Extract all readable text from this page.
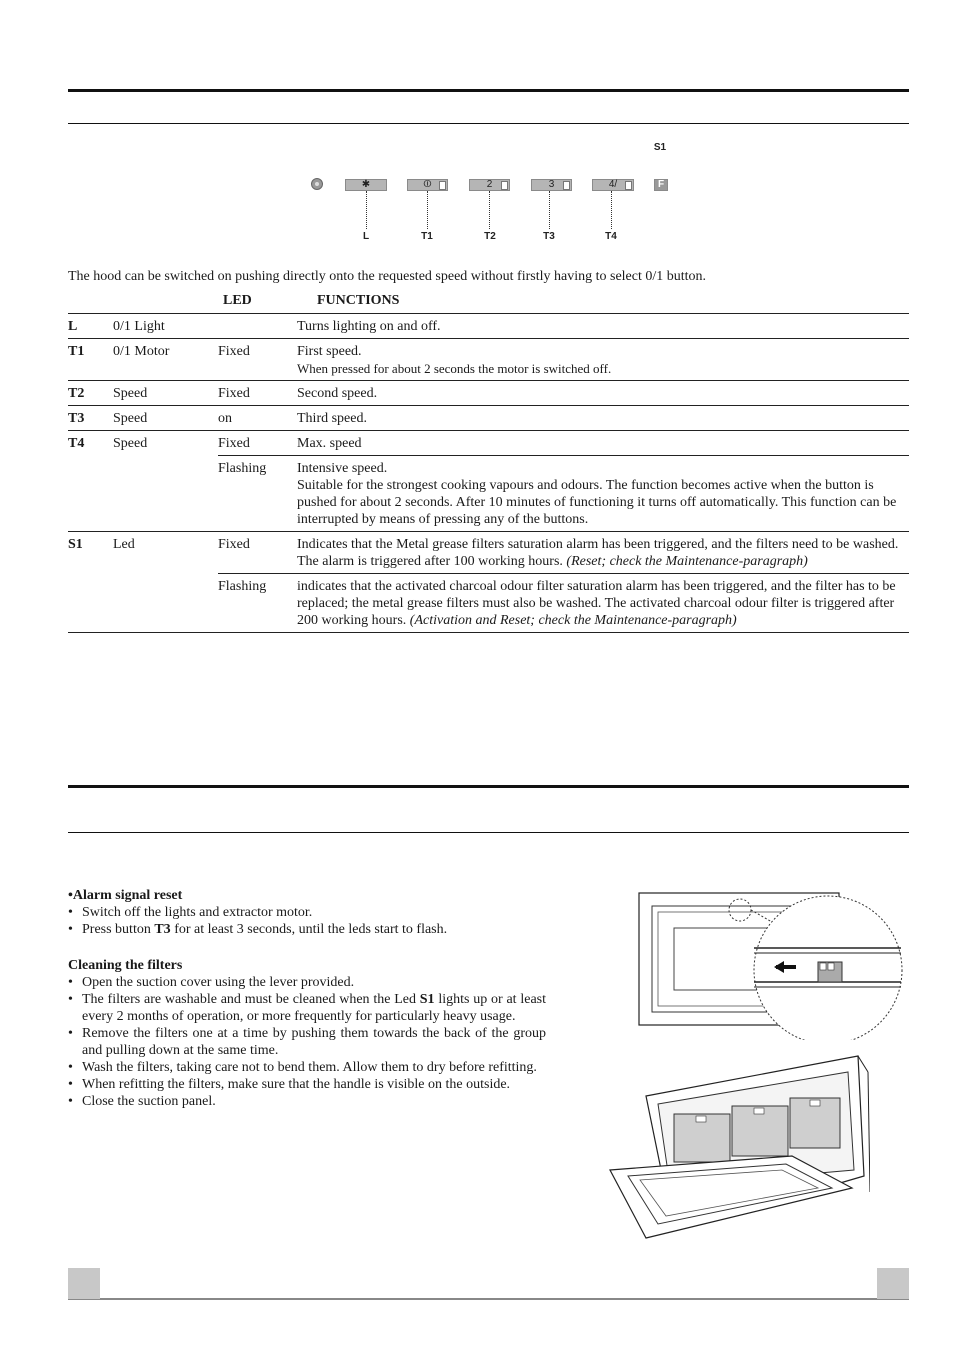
S1
✱	⏼	2	3	4/	F
L	T1	T2	T3	T4

The hood can be switched on pushing directly onto the requested speed without firstly having to select 0/1 button.

		LED	FUNCTIONS
L	0/1 Light		Turns lighting on and off.
T1	0/1 Motor	Fixed	First speed.
When pressed for about 2 seconds the motor is switched off.

T2	Speed	Fixed	Second speed.
T3	Speed	on	Third speed.
T4	Speed	Fixed	Max. speed
		Flashing	Intensive speed.
Suitable for the strongest cooking vapours and odours. The function becomes active when the button is pushed for about 2 seconds. After 10 minutes of functioning it turns off automatically. This function can be interrupted by means of pressing any of the buttons.

S1	Led	Fixed	Indicates that the Metal grease filters saturation alarm has been triggered, and the filters need to be washed. The alarm is triggered after 100 working hours. (Reset; check the Maintenance-paragraph)
		Flashing	indicates that the activated charcoal odour filter saturation alarm has been triggered, and the filter has to be replaced; the metal grease filters must also be washed. The activated charcoal odour filter is triggered after 200 working hours. (Activation and Reset; check the Maintenance-paragraph)
•Alarm signal reset
• Switch off the lights and extractor motor.
• Press button T3 for at least 3 seconds, until the leds start to flash.
Cleaning the filters
• Open the suction cover using the lever provided.
• The filters are washable and must be cleaned when the Led S1 lights up or at least every 2 months of operation, or more frequently for particularly heavy usage.
• Remove the filters one at a time by pushing them towards the back of the group and pulling down at the same time.
• Wash the filters, taking care not to bend them. Allow them to dry before refitting.
• When refitting the filters, make sure that the handle is visible on the outside.
• Close the suction panel.
